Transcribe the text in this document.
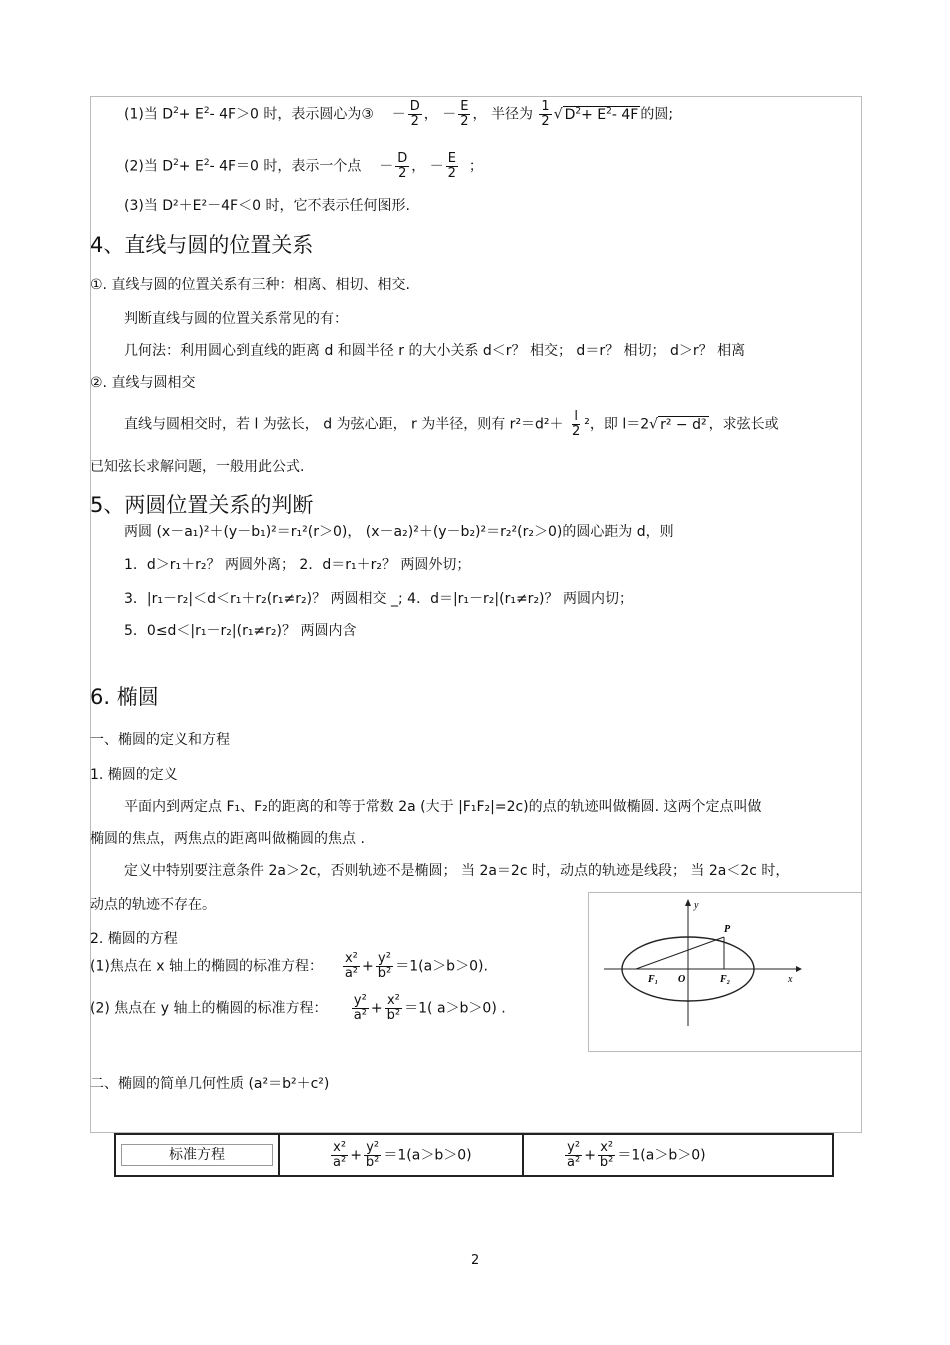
(1)当 $D^2+ E^2-$ 4F＞0 时，表示圆心为③ － $\frac{D}{2}$ ， － $\frac{E}{2}$ ， 半径为 $\frac{1}{2}$ √ $D^2+ E^2-$ 4F 的圆;
(2)当 $D^2+ E^2-$ 4F＝0 时，表示一个点 － $\frac{D}{2}$ ， － $\frac{E}{2}$ ；
(3)当 D²＋E²－4F＜0 时，它不表示任何图形.
4、直线与圆的位置关系
①. 直线与圆的位置关系有三种：相离、相切、相交.
判断直线与圆的位置关系常见的有：
几何法：利用圆心到直线的距离 d 和圆半径 r 的大小关系 d＜r？ 相交； d＝r？ 相切； d＞r？ 相离
②. 直线与圆相交
直线与圆相交时，若 l 为弦长， d 为弦心距， r 为半径，则有 $r^2=d^2+ \frac{l}{2} ^2$，即 l＝2√ r² − d² ，求弦长或
已知弦长求解问题，一般用此公式.
5、两圆位置关系的判断
两圆 (x－a₁)²＋(y－b₁)²＝r₁²(r＞0)， (x－a₂)²＋(y－b₂)²＝r₂²(r₂＞0)的圆心距为 d，则
1．d＞r₁＋r₂？ 两圆外离； 2．d＝r₁＋r₂？ 两圆外切；
3．|r₁－r₂|＜d＜r₁＋r₂(r₁≠r₂)？ 两圆相交 _; 4．d＝|r₁－r₂|(r₁≠r₂)？ 两圆内切；
5．0≤d＜|r₁－r₂|(r₁≠r₂)？ 两圆内含
6. 椭圆
一、椭圆的定义和方程
1. 椭圆的定义
平面内到两定点 F₁、F₂的距离的和等于常数 2a (大于 |F₁F₂|=2c)的点的轨迹叫做椭圆. 这两个定点叫做
椭圆的焦点，两焦点的距离叫做椭圆的焦点 .
定义中特别要注意条件 2a＞2c，否则轨迹不是椭圆； 当 2a＝2c 时，动点的轨迹是线段； 当 2a＜2c 时，
动点的轨迹不存在。
2. 椭圆的方程
(1)焦点在 x 轴上的椭圆的标准方程： $\frac{\text{x²}}{\text{a²}} + \frac{\text{y²}}{\text{b²}} =1(a>b>0)$.
(2) 焦点在 y 轴上的椭圆的标准方程： $\frac{\text{y²}}{\text{a²}} + \frac{\text{x²}}{\text{b²}} =1$( a＞b＞0) .
二、椭圆的简单几何性质 (a²＝b²＋c²)
y
x
P
F₁ O	F₂
标准方程	$\frac{\text{x²}}{\text{a²}} + \frac{\text{y²}}{\text{b²}} =1(a>b>0)$	$\frac{\text{y²}}{\text{a²}} + \frac{\text{x²}}{\text{b²}} =1(a>b>0)$
2
